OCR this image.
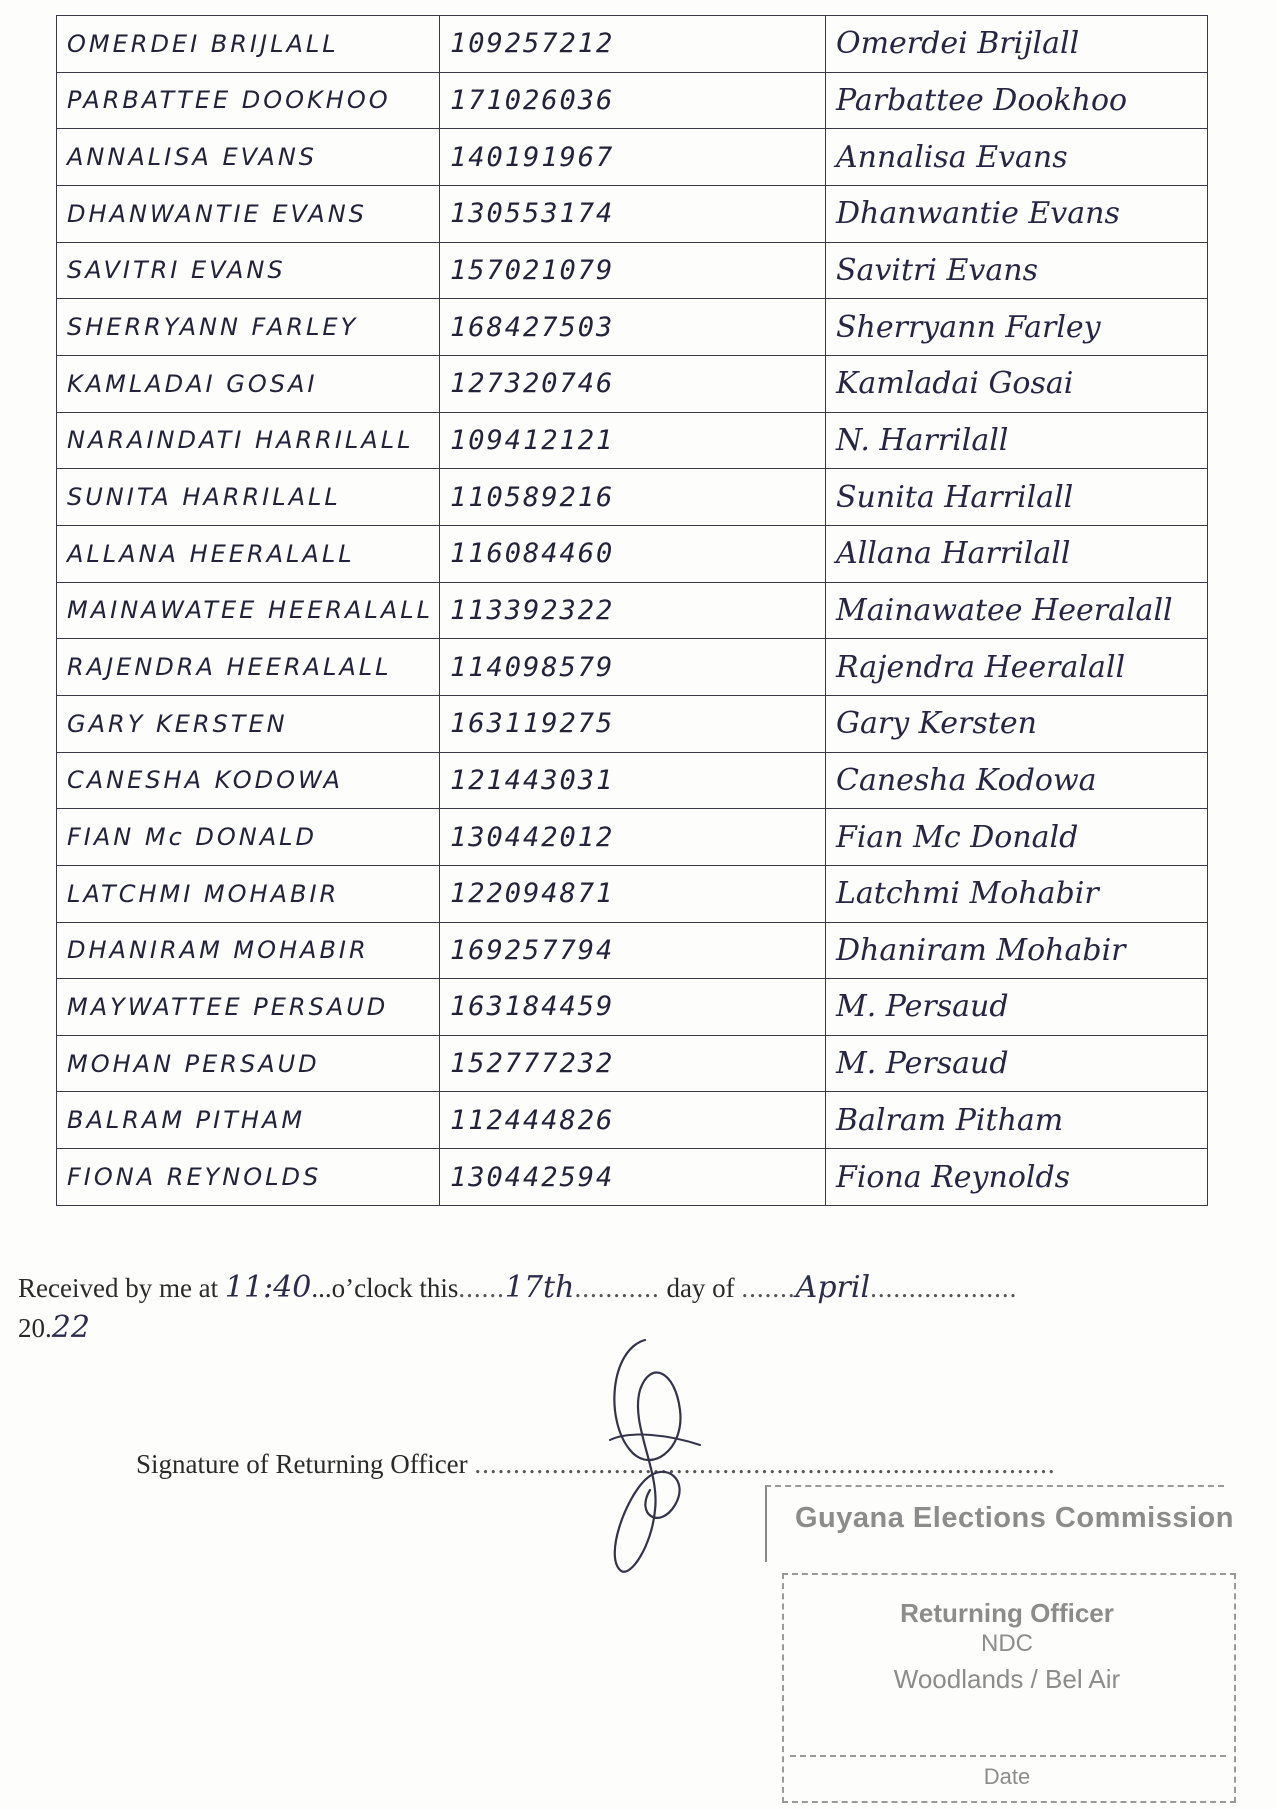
OMERDEI BRIJLALL	109257212	Omerdei Brijlall
PARBATTEE DOOKHOO	171026036	Parbattee Dookhoo
ANNALISA EVANS	140191967	Annalisa Evans
DHANWANTIE EVANS	130553174	Dhanwantie Evans
SAVITRI EVANS	157021079	Savitri Evans
SHERRYANN FARLEY	168427503	Sherryann Farley
KAMLADAI GOSAI	127320746	Kamladai Gosai
NARAINDATI HARRILALL	109412121	N. Harrilall
SUNITA HARRILALL	110589216	Sunita Harrilall
ALLANA HEERALALL	116084460	Allana Harrilall
MAINAWATEE HEERALALL	113392322	Mainawatee Heeralall
RAJENDRA HEERALALL	114098579	Rajendra Heeralall
GARY KERSTEN	163119275	Gary Kersten
CANESHA KODOWA	121443031	Canesha Kodowa
FIAN Mc DONALD	130442012	Fian Mc Donald
LATCHMI MOHABIR	122094871	Latchmi Mohabir
DHANIRAM MOHABIR	169257794	Dhaniram Mohabir
MAYWATTEE PERSAUD	163184459	M. Persaud
MOHAN PERSAUD	152777232	M. Persaud
BALRAM PITHAM	112444826	Balram Pitham
FIONA REYNOLDS	130442594	Fiona Reynolds
Received by me at 11:40...o’clock this......17th........... day of .......April...................
20.22
Signature of Returning Officer ...........................................................................
Guyana Elections Commission
Returning Officer
NDC
Woodlands / Bel Air
Date
